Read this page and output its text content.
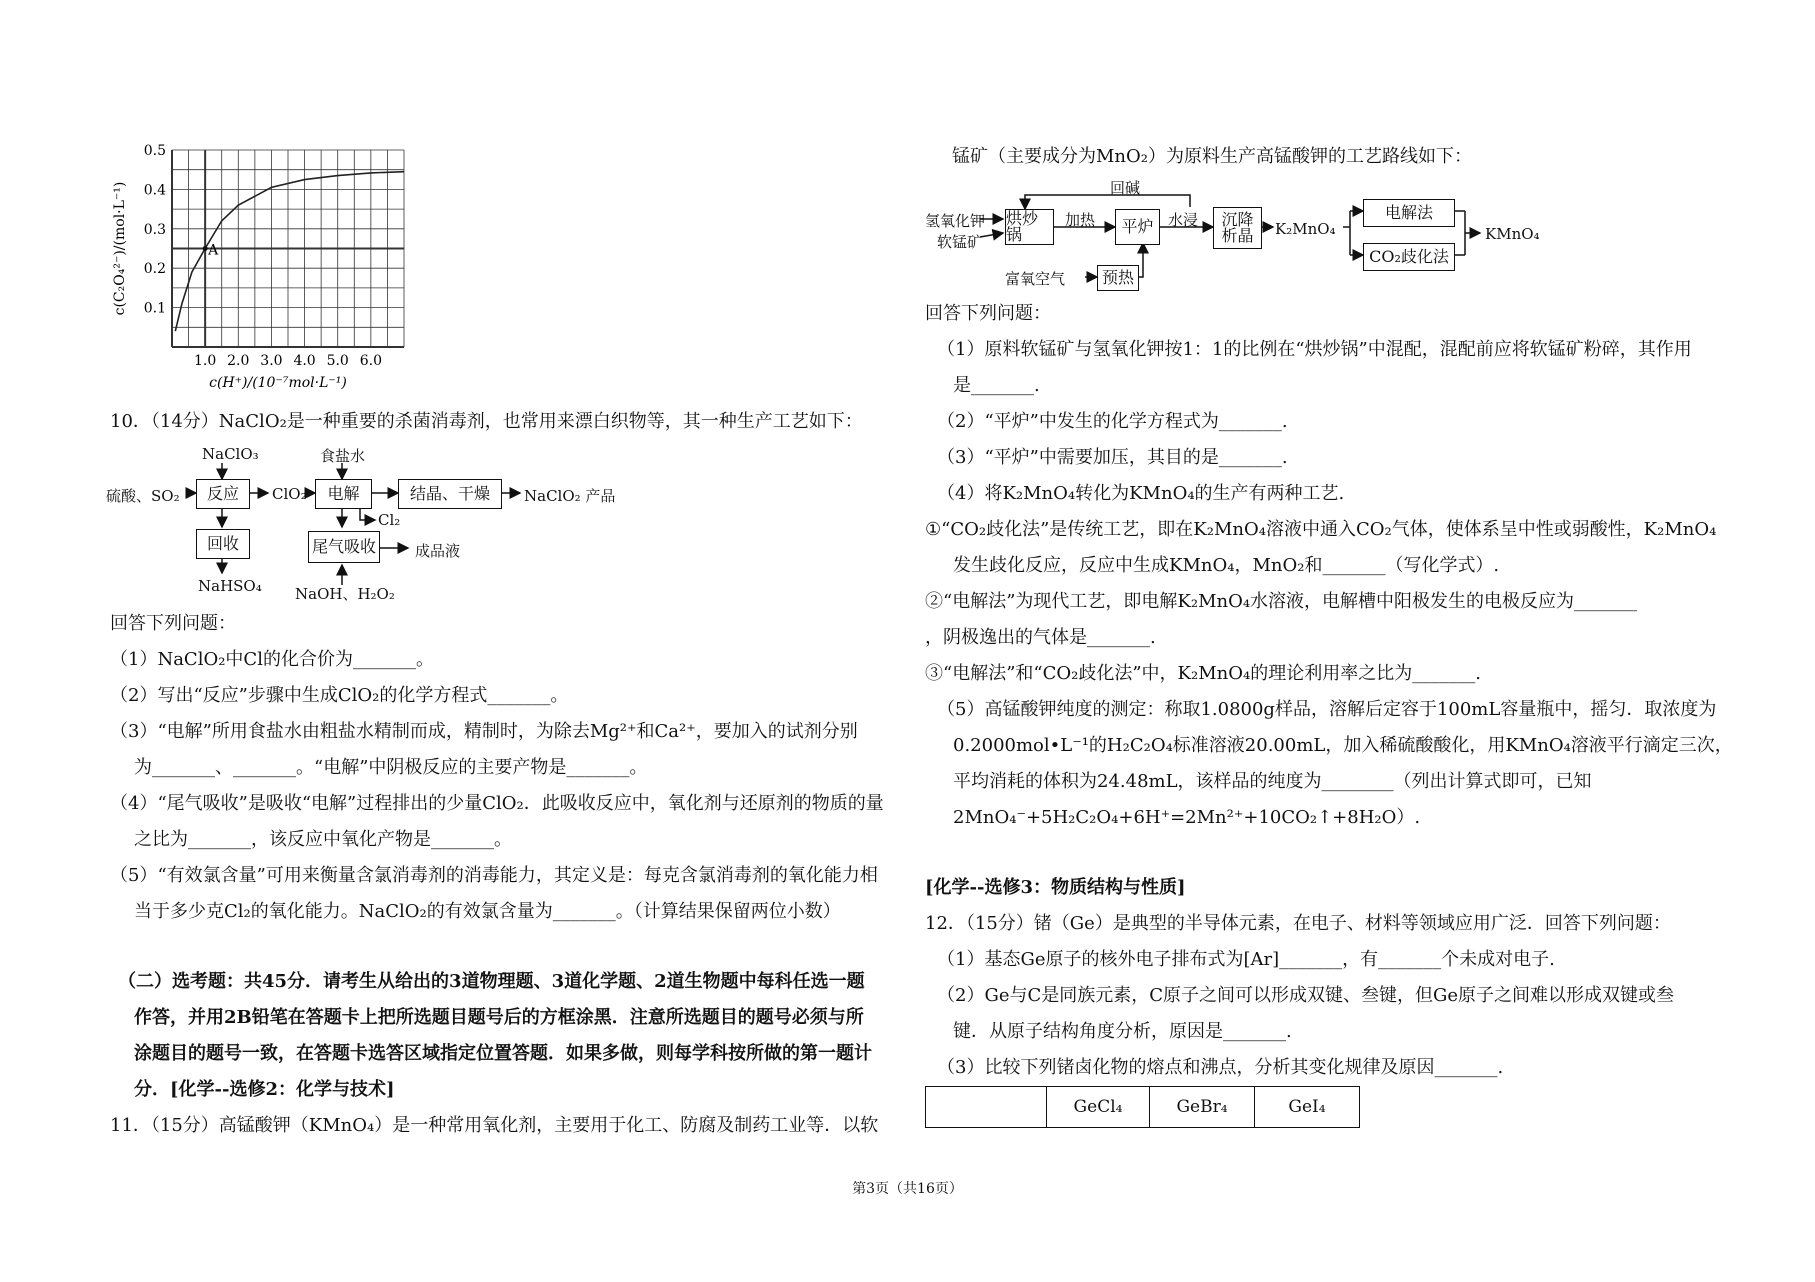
1.0 2.0 3.0 4.0 5.0 6.0
0.1
0.2
0.3
0.4
0.5
c(H⁺)/(10⁻⁷mol·L⁻¹)
c(C₂O₄²⁻)/(mol·L⁻¹)	A
10．（14分）NaClO₂是一种重要的杀菌消毒剂，也常用来漂白织物等，其一种生产工艺如下：
硫酸、SO₂
NaClO₃
反应	ClO₂
食盐水
电解	结晶、干燥	NaClO₂ 产品
Cl₂
回收
NaHSO₄
尾气吸收	成品液
NaOH、H₂O₂
回答下列问题：
（1）NaClO₂中Cl的化合价为_______。
（2）写出“反应”步骤中生成ClO₂的化学方程式_______。
（3）“电解”所用食盐水由粗盐水精制而成，精制时，为除去Mg²⁺和Ca²⁺，要加入的试剂分别
为_______、_______。“电解”中阴极反应的主要产物是_______。
（4）“尾气吸收”是吸收“电解”过程排出的少量ClO₂．此吸收反应中，氧化剂与还原剂的物质的量
之比为_______，该反应中氧化产物是_______。
（5）“有效氯含量”可用来衡量含氯消毒剂的消毒能力，其定义是：每克含氯消毒剂的氧化能力相
当于多少克Cl₂的氧化能力。NaClO₂的有效氯含量为_______。（计算结果保留两位小数）
（二）选考题：共45分．请考生从给出的3道物理题、3道化学题、2道生物题中每科任选一题
作答，并用2B铅笔在答题卡上把所选题目题号后的方框涂黑．注意所选题目的题号必须与所
涂题目的题号一致，在答题卡选答区域指定位置答题．如果多做，则每学科按所做的第一题计
分．[化学--选修2：化学与技术]
11．（15分）高锰酸钾（KMnO₄）是一种常用氧化剂，主要用于化工、防腐及制药工业等．以软
锰矿（主要成分为MnO₂）为原料生产高锰酸钾的工艺路线如下：
回碱
氢氧化钾
软锰矿
烘炒锅
加热	平炉 水浸 沉降
析晶 K₂MnO₄
电解法
CO₂歧化法
KMnO₄
富氧空气	预热
回答下列问题：
（1）原料软锰矿与氢氧化钾按1：1的比例在“烘炒锅”中混配，混配前应将软锰矿粉碎，其作用
是_______.
（2）“平炉”中发生的化学方程式为_______.
（3）“平炉”中需要加压，其目的是_______.
（4）将K₂MnO₄转化为KMnO₄的生产有两种工艺.
①“CO₂歧化法”是传统工艺，即在K₂MnO₄溶液中通入CO₂气体，使体系呈中性或弱酸性，K₂MnO₄
发生歧化反应，反应中生成KMnO₄，MnO₂和_______（写化学式）.
②“电解法”为现代工艺，即电解K₂MnO₄水溶液，电解槽中阳极发生的电极反应为_______
，阴极逸出的气体是_______.
③“电解法”和“CO₂歧化法”中，K₂MnO₄的理论利用率之比为_______.
（5）高锰酸钾纯度的测定：称取1.0800g样品，溶解后定容于100mL容量瓶中，摇匀．取浓度为
0.2000mol•L⁻¹的H₂C₂O₄标准溶液20.00mL，加入稀硫酸酸化，用KMnO₄溶液平行滴定三次，
平均消耗的体积为24.48mL，该样品的纯度为________（列出计算式即可，已知
2MnO₄⁻+5H₂C₂O₄+6H⁺=2Mn²⁺+10CO₂↑+8H₂O）.
[化学--选修3：物质结构与性质]
12．（15分）锗（Ge）是典型的半导体元素，在电子、材料等领域应用广泛．回答下列问题：
（1）基态Ge原子的核外电子排布式为[Ar]_______，有_______个未成对电子.
（2）Ge与C是同族元素，C原子之间可以形成双键、叁键，但Ge原子之间难以形成双键或叁
键．从原子结构角度分析，原因是_______.
（3）比较下列锗卤化物的熔点和沸点，分析其变化规律及原因_______.
	GeCl₄	GeBr₄	GeI₄
第3页（共16页）
